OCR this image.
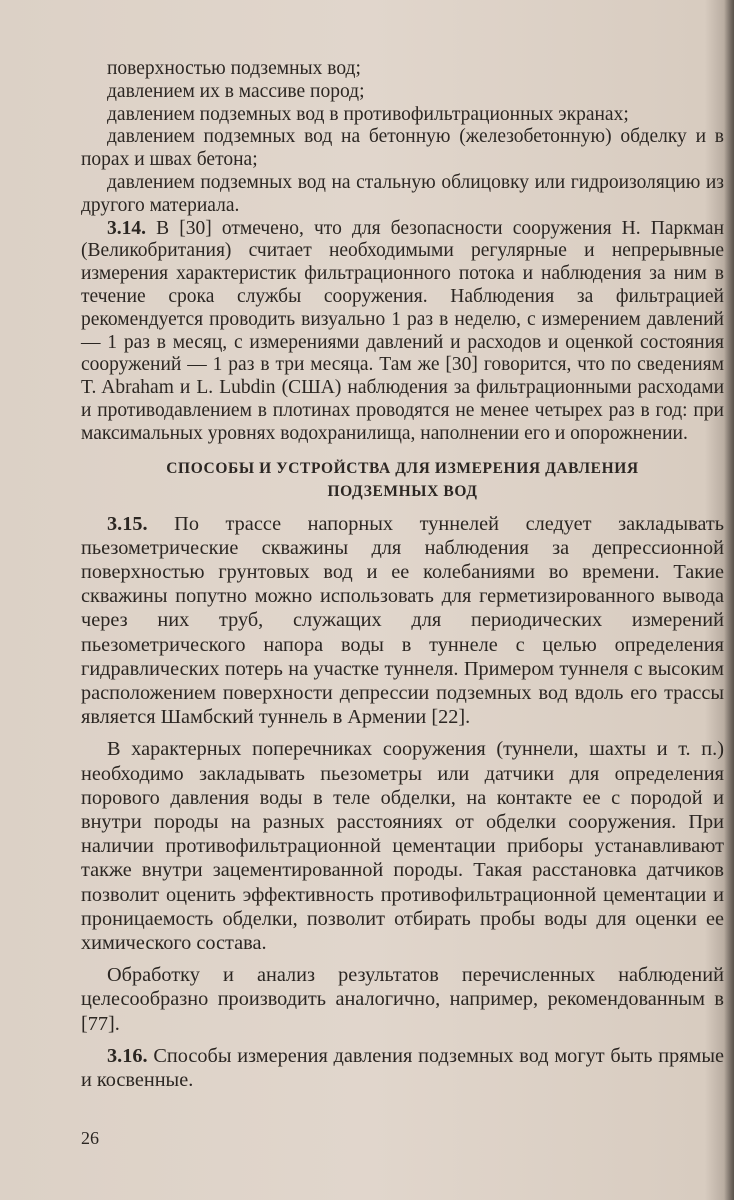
поверхностью подземных вод;

давлением их в массиве пород;

давлением подземных вод в противофильтрационных экранах;

давлением подземных вод на бетонную (железобетонную) обделку и в порах и швах бетона;

давлением подземных вод на стальную облицовку или гидроизоляцию из другого материала.

3.14. В [30] отмечено, что для безопасности сооружения Н. Паркман (Великобритания) считает необходимыми регулярные и непрерывные измерения характеристик фильтрационного потока и наблюдения за ним в течение срока службы сооружения. Наблюдения за фильтрацией рекомендуется проводить визуально 1 раз в неделю, с измерением давлений — 1 раз в месяц, с измерениями давлений и расходов и оценкой состояния сооружений — 1 раз в три месяца. Там же [30] говорится, что по сведениям T. Abraham и L. Lubdin (США) наблюдения за фильтрационными расходами и противодавлением в плотинах проводятся не менее четырех раз в год: при максимальных уровнях водохранилища, наполнении его и опорожнении.

СПОСОБЫ И УСТРОЙСТВА ДЛЯ ИЗМЕРЕНИЯ ДАВЛЕНИЯ
ПОДЗЕМНЫХ ВОД

3.15. По трассе напорных туннелей следует закладывать пьезометрические скважины для наблюдения за депрессионной поверхностью грунтовых вод и ее колебаниями во времени. Такие скважины попутно можно использовать для герметизированного вывода через них труб, служащих для периодических измерений пьезометрического напора воды в туннеле с целью определения гидравлических потерь на участке туннеля. Примером туннеля с высоким расположением поверхности депрессии подземных вод вдоль его трассы является Шамбский туннель в Армении [22].

В характерных поперечниках сооружения (туннели, шахты и т. п.) необходимо закладывать пьезометры или датчики для определения порового давления воды в теле обделки, на контакте ее с породой и внутри породы на разных расстояниях от обделки сооружения. При наличии противофильтрационной цементации приборы устанавливают также внутри зацементированной породы. Такая расстановка датчиков позволит оценить эффективность противофильтрационной цементации и проницаемость обделки, позволит отбирать пробы воды для оценки ее химического состава.

Обработку и анализ результатов перечисленных наблюдений целесообразно производить аналогично, например, рекомендованным в [77].

3.16. Способы измерения давления подземных вод могут быть прямые и косвенные.

26
